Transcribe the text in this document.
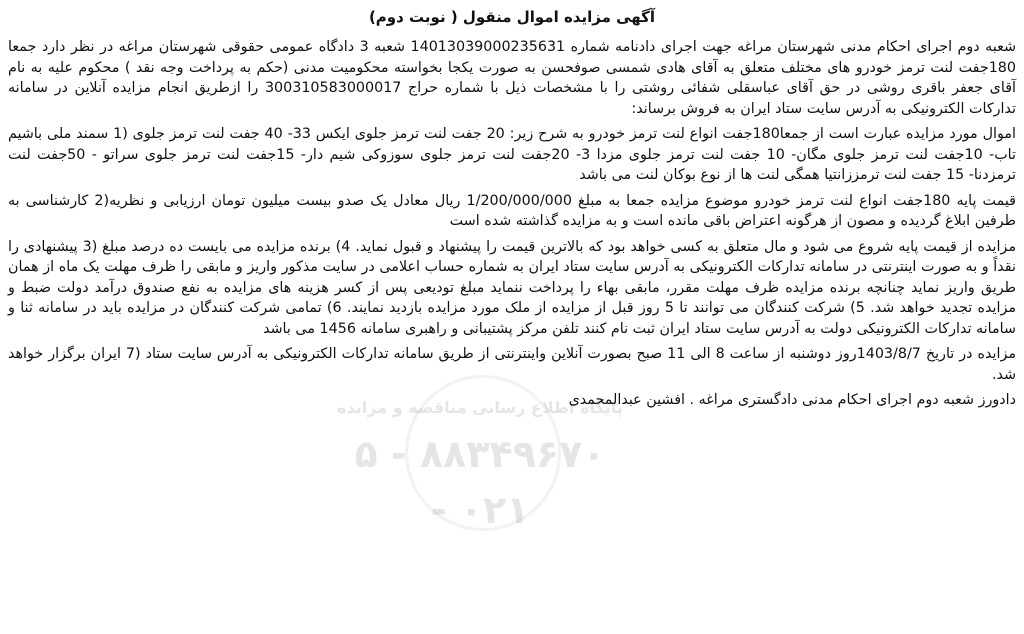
آگهی مزایده اموال منقول ( نوبت دوم)
پایگاه اطلاع رسانی مناقصه و مزایده
۸۸۳۴۹۶۷۰ - ۵
۰۲۱ -

شعبه دوم اجرای احکام مدنی شهرستان مراغه جهت اجرای دادنامه شماره 14013039000235631 شعبه 3 دادگاه عمومی حقوقی شهرستان مراغه در نظر دارد جمعا 180جفت لنت ترمز خودرو های مختلف متعلق به آقای هادی شمسی صوفحسن به صورت یکجا بخواسته محکومیت مدنی (حکم به پرداخت وجه نقد ) محکوم علیه به نام آقای جعفر باقری روشی در حق آقای عباسقلی شفائی روشتی را با مشخصات ذیل با شماره حراج 300310583000017 را ازطریق انجام مزایده آنلاین در سامانه تدارکات الکترونیکی به آدرس سایت ستاد ایران به فروش برساند:

اموال مورد مزایده عبارت است از جمعا180جفت انواع لنت ترمز خودرو به شرح زیر: 20 جفت لنت ترمز جلوی ایکس 33- 40 جفت لنت ترمز جلوی (1 سمند ملی باشیم تاب- 10جفت لنت ترمز جلوی مگان- 10 جفت لنت ترمز جلوی مزدا 3- 20جفت لنت ترمز جلوی سوزوکی شیم دار- 15جفت لنت ترمز جلوی سراتو - 50جفت لنت ترمزدنا- 15 جفت لنت ترمززانتیا همگی لنت ها از نوع بوکان لنت می باشد

قیمت پایه 180جفت انواع لنت ترمز خودرو موضوع مزایده جمعا به مبلغ 1/200/000/000 ریال معادل یک صدو بیست میلیون تومان ارزیابی و نظریه(2 کارشناسی به طرفین ابلاغ گردیده و مصون از هرگونه اعتراض باقی مانده است و به مزایده گذاشته شده است

مزایده از قیمت پایه شروع می شود و مال متعلق به کسی خواهد بود که بالاترین قیمت را پیشنهاد و قبول نماید. 4) برنده مزایده می بایست ده درصد مبلغ (3 پیشنهادی را نقداً و به صورت اینترنتی در سامانه تدارکات الکترونیکی به آدرس سایت ستاد ایران به شماره حساب اعلامی در سایت مذکور واریز و مابقی را ظرف مهلت یک ماه از همان طریق واریز نماید چنانچه برنده مزایده ظرف مهلت مقرر، مابقی بهاء را پرداخت ننماید مبلغ تودیعی پس از کسر هزینه های مزایده به نفع صندوق درآمد دولت ضبط و مزایده تجدید خواهد شد. 5) شرکت کنندگان می توانند تا 5 روز قبل از مزایده از ملک مورد مزایده بازدید نمایند. 6) تمامی شرکت کنندگان در مزایده باید در سامانه ثنا و سامانه تدارکات الکترونیکی دولت به آدرس سایت ستاد ایران ثبت نام کنند تلفن مرکز پشتیبانی و راهبری سامانه 1456 می باشد

مزایده در تاریخ 1403/8/7روز دوشنبه از ساعت 8 الی 11 صبح بصورت آنلاین واینترنتی از طریق سامانه تدارکات الکترونیکی به آدرس سایت ستاد (7 ایران برگزار خواهد شد.

دادورز شعبه دوم اجرای احکام مدنی دادگستری مراغه . افشین عبدالمحمدی
